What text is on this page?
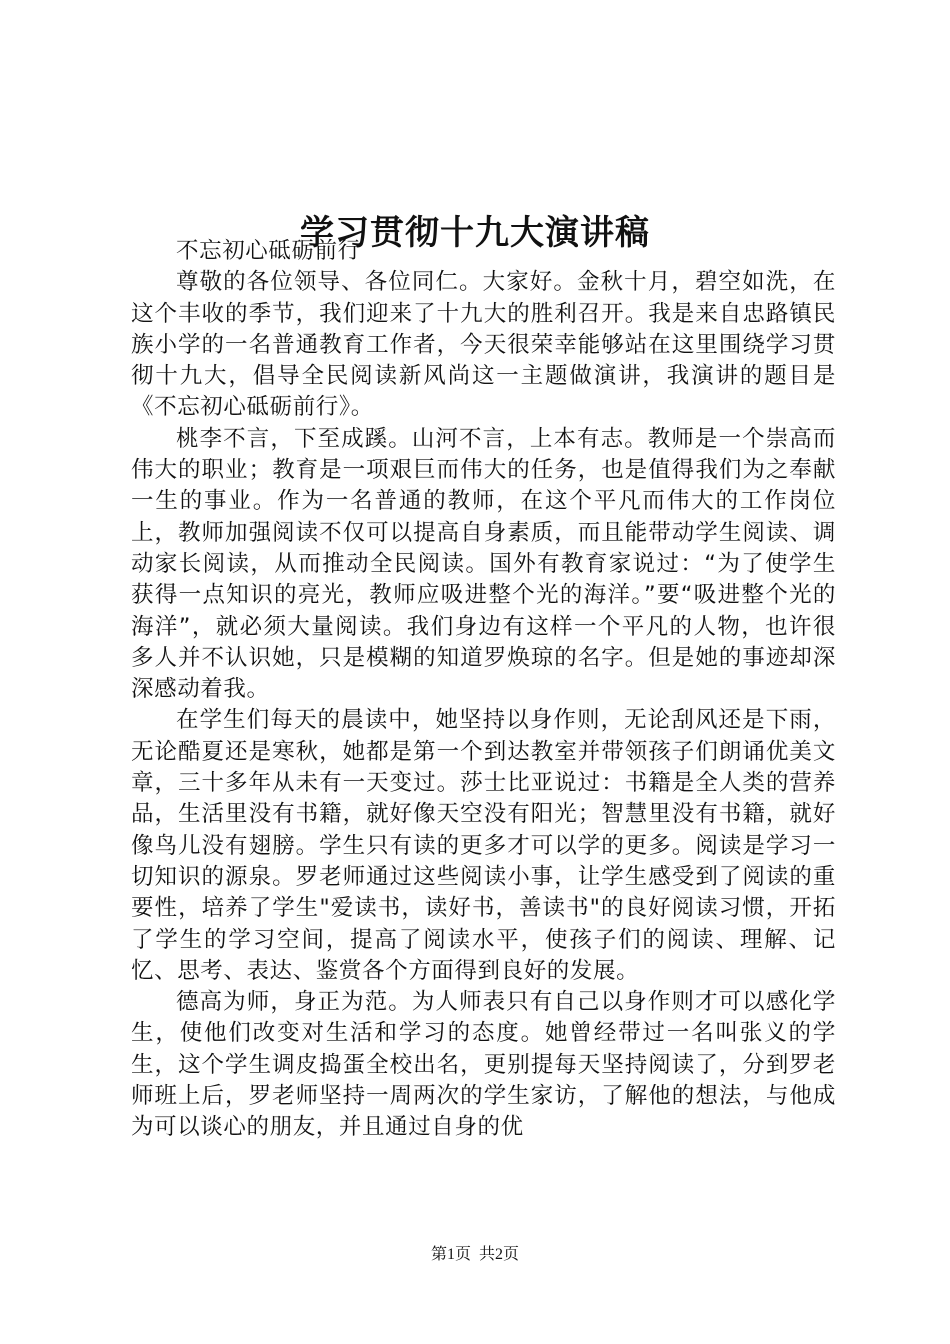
学习贯彻十九大演讲稿

不忘初心砥砺前行

尊敬的各位领导、各位同仁。大家好。金秋十月，碧空如洗，在这个丰收的季节，我们迎来了十九大的胜利召开。我是来自忠路镇民族小学的一名普通教育工作者，今天很荣幸能够站在这里围绕学习贯彻十九大，倡导全民阅读新风尚这一主题做演讲，我演讲的题目是《不忘初心砥砺前行》。

桃李不言，下至成蹊。山河不言，上本有志。教师是一个崇高而伟大的职业；教育是一项艰巨而伟大的任务，也是值得我们为之奉献一生的事业。作为一名普通的教师，在这个平凡而伟大的工作岗位上，教师加强阅读不仅可以提高自身素质，而且能带动学生阅读、调动家长阅读，从而推动全民阅读。国外有教育家说过：“为了使学生获得一点知识的亮光，教师应吸进整个光的海洋。”要“吸进整个光的海洋”，就必须大量阅读。我们身边有这样一个平凡的人物，也许很多人并不认识她，只是模糊的知道罗焕琼的名字。但是她的事迹却深深感动着我。

在学生们每天的晨读中，她坚持以身作则，无论刮风还是下雨，无论酷夏还是寒秋，她都是第一个到达教室并带领孩子们朗诵优美文章，三十多年从未有一天变过。莎士比亚说过：书籍是全人类的营养品，生活里没有书籍，就好像天空没有阳光；智慧里没有书籍，就好像鸟儿没有翅膀。学生只有读的更多才可以学的更多。阅读是学习一切知识的源泉。罗老师通过这些阅读小事，让学生感受到了阅读的重要性，培养了学生"爱读书，读好书，善读书"的良好阅读习惯，开拓了学生的学习空间，提高了阅读水平，使孩子们的阅读、理解、记忆、思考、表达、鉴赏各个方面得到良好的发展。

德高为师，身正为范。为人师表只有自己以身作则才可以感化学生，使他们改变对生活和学习的态度。她曾经带过一名叫张义的学生，这个学生调皮捣蛋全校出名，更别提每天坚持阅读了，分到罗老师班上后，罗老师坚持一周两次的学生家访，了解他的想法，与他成为可以谈心的朋友，并且通过自身的优

第1页  共2页
